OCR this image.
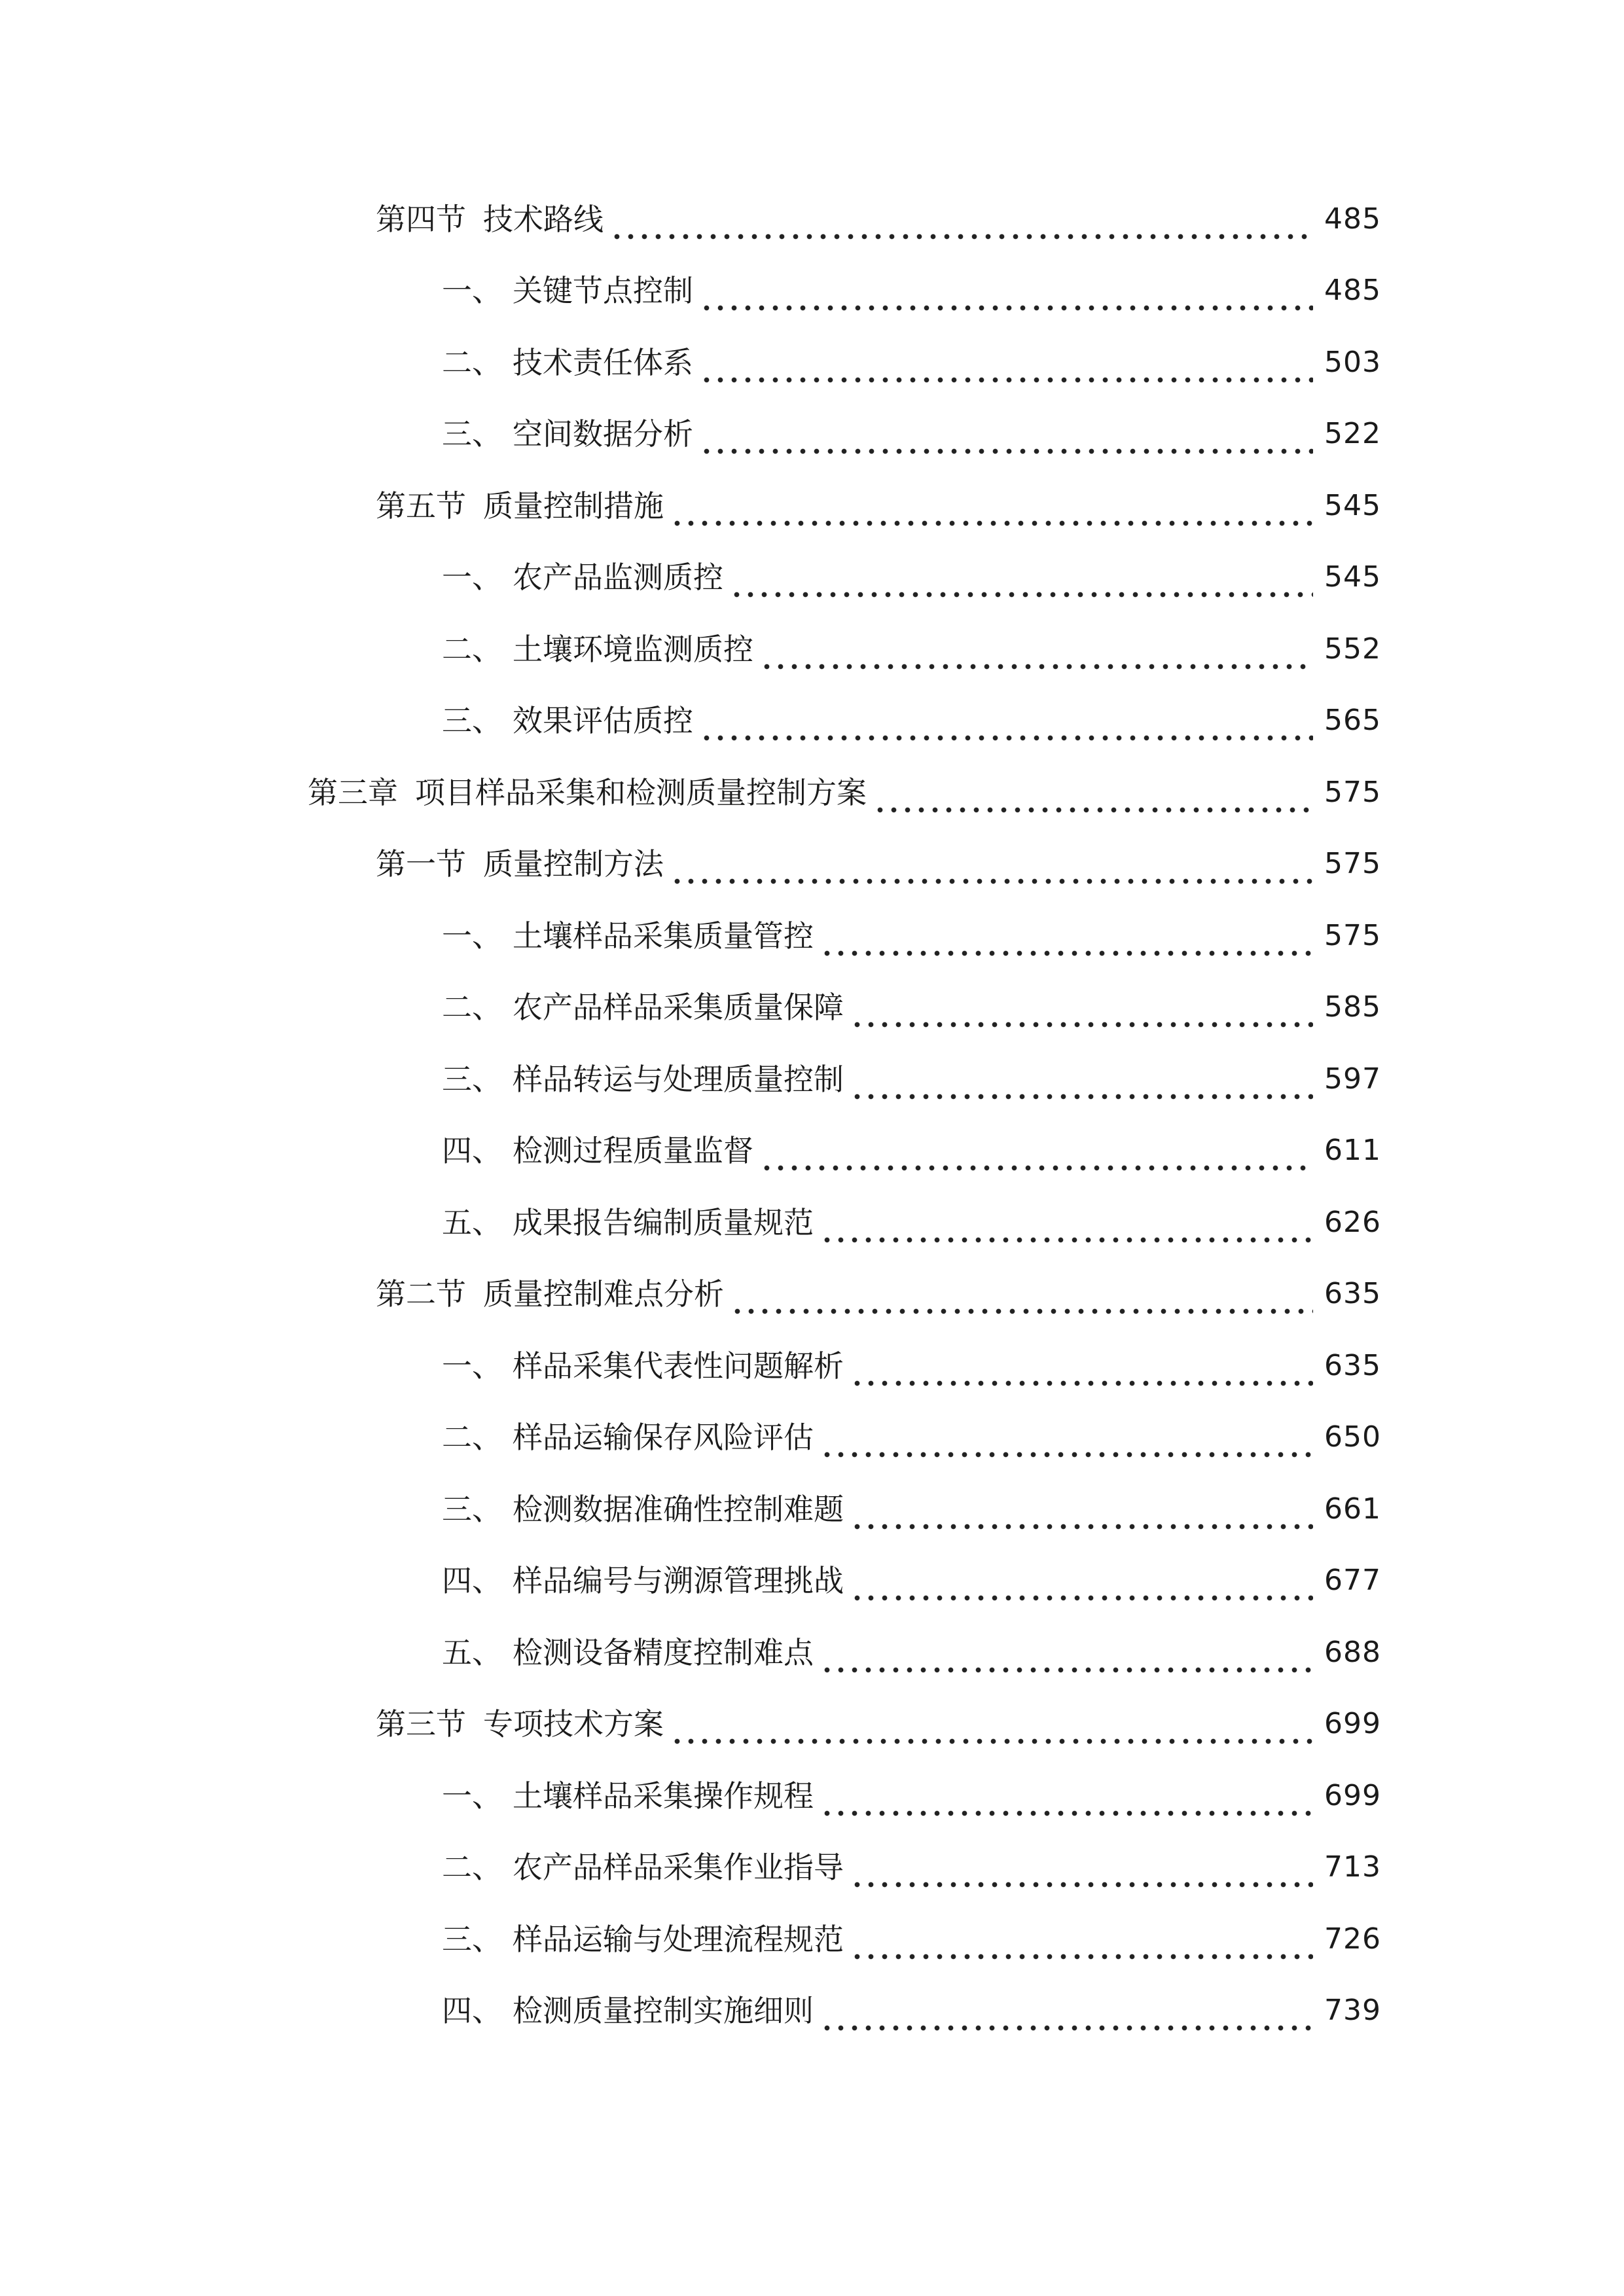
第四节 技术路线	485
一、 关键节点控制	485
二、 技术责任体系	503
三、 空间数据分析	522
第五节 质量控制措施	545
一、 农产品监测质控	545
二、 土壤环境监测质控	552
三、 效果评估质控	565
第三章 项目样品采集和检测质量控制方案	575
第一节 质量控制方法	575
一、 土壤样品采集质量管控	575
二、 农产品样品采集质量保障	585
三、 样品转运与处理质量控制	597
四、 检测过程质量监督	611
五、 成果报告编制质量规范	626
第二节 质量控制难点分析	635
一、 样品采集代表性问题解析	635
二、 样品运输保存风险评估	650
三、 检测数据准确性控制难题	661
四、 样品编号与溯源管理挑战	677
五、 检测设备精度控制难点	688
第三节 专项技术方案	699
一、 土壤样品采集操作规程	699
二、 农产品样品采集作业指导	713
三、 样品运输与处理流程规范	726
四、 检测质量控制实施细则	739
